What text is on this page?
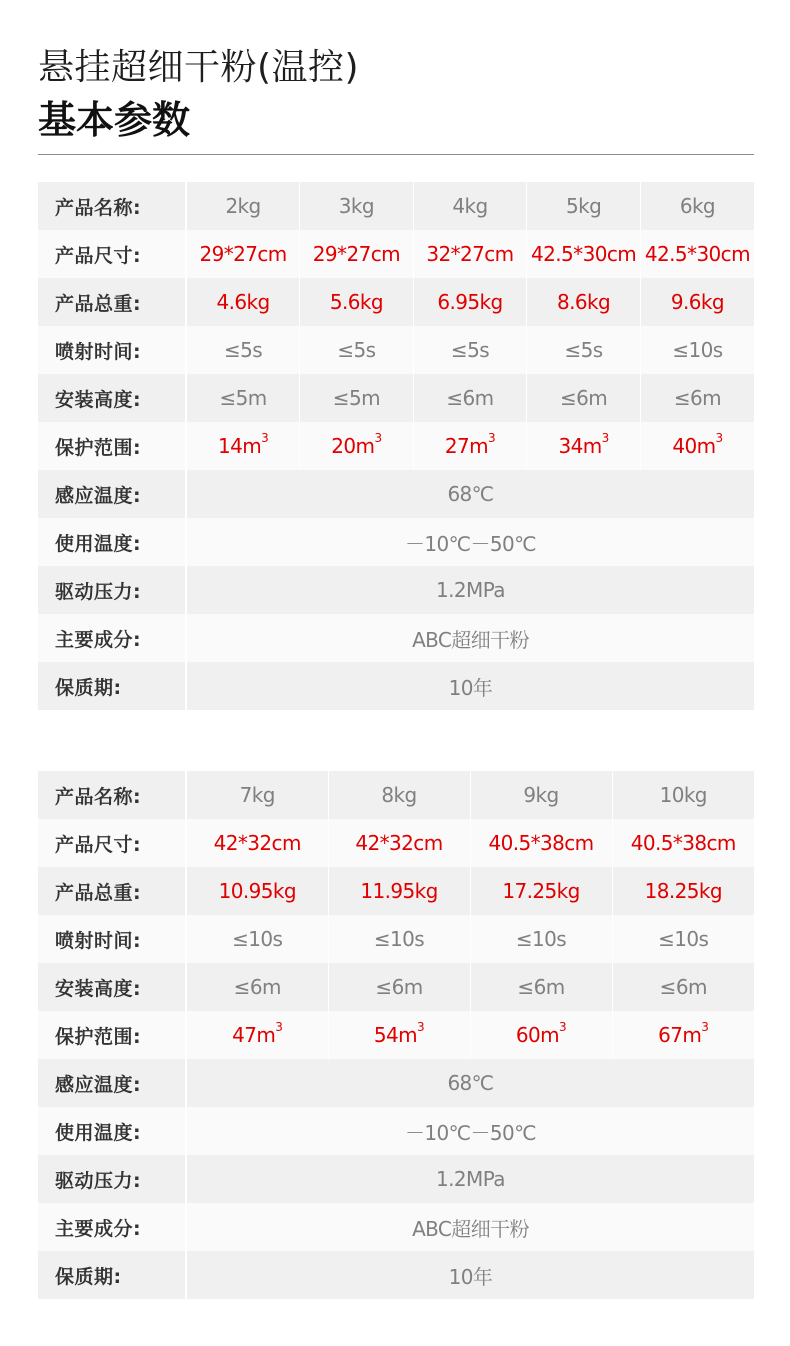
悬挂超细干粉(温控)
基本参数
产品名称:	2kg	3kg	4kg	5kg	6kg
产品尺寸:	29*27cm	29*27cm	32*27cm	42.5*30cm	42.5*30cm
产品总重:	4.6kg	5.6kg	6.95kg	8.6kg	9.6kg
喷射时间:	≤5s	≤5s	≤5s	≤5s	≤10s
安装高度:	≤5m	≤5m	≤6m	≤6m	≤6m
保护范围:	$14m^3$	$20m^3$	$27m^3$	$34m^3$	$40m^3$
感应温度:	68℃				
使用温度:	－10℃－50℃				
驱动压力:	1.2MPa				
主要成分:	ABC超细干粉				
保质期:	10年				
产品名称:	7kg	8kg	9kg	10kg
产品尺寸:	42*32cm	42*32cm	40.5*38cm	40.5*38cm
产品总重:	10.95kg	11.95kg	17.25kg	18.25kg
喷射时间:	≤10s	≤10s	≤10s	≤10s
安装高度:	≤6m	≤6m	≤6m	≤6m
保护范围:	$47m^3$	$54m^3$	$60m^3$	$67m^3$
感应温度:	68℃			
使用温度:	－10℃－50℃			
驱动压力:	1.2MPa			
主要成分:	ABC超细干粉			
保质期:	10年			
